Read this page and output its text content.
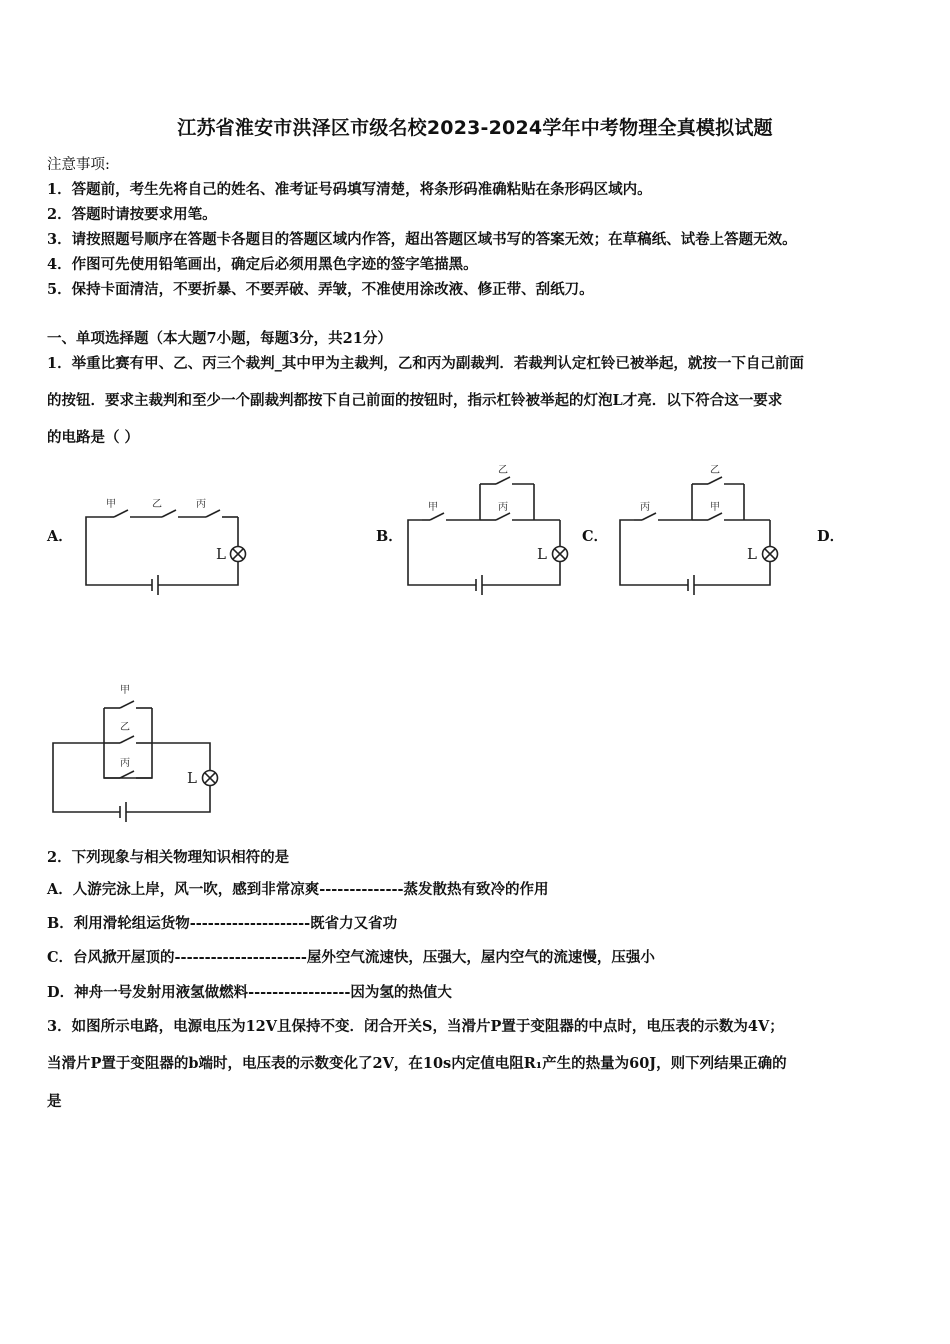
江苏省淮安市洪泽区市级名校2023-2024学年中考物理全真模拟试题
注意事项:
1．答题前，考生先将自己的姓名、准考证号码填写清楚，将条形码准确粘贴在条形码区域内。
2．答题时请按要求用笔。
3．请按照题号顺序在答题卡各题目的答题区域内作答，超出答题区域书写的答案无效；在草稿纸、试卷上答题无效。
4．作图可先使用铅笔画出，确定后必须用黑色字迹的签字笔描黑。
5．保持卡面清洁，不要折暴、不要弄破、弄皱，不准使用涂改液、修正带、刮纸刀。
一、单项选择题（本大题7小题，每题3分，共21分）
1．举重比赛有甲、乙、丙三个裁判_其中甲为主裁判，乙和丙为副裁判．若裁判认定杠铃已被举起，就按一下自己前面
的按钮．要求主裁判和至少一个副裁判都按下自己前面的按钮时，指示杠铃被举起的灯泡L才亮．以下符合这一要求
的电路是（ ）
A．	B．	C．	D．
甲	乙	丙
L
甲
乙
丙
L
丙
乙
甲
L
甲
乙
丙
L
2．下列现象与相关物理知识相符的是
A．人游完泳上岸，风一吹，感到非常凉爽--------------蒸发散热有致冷的作用
B．利用滑轮组运货物--------------------既省力又省功
C．台风掀开屋顶的----------------------屋外空气流速快，压强大，屋内空气的流速慢，压强小
D．神舟一号发射用液氢做燃料-----------------因为氢的热值大
3．如图所示电路，电源电压为12V且保持不变．闭合开关S，当滑片P置于变阻器的中点时，电压表的示数为4V；
当滑片P置于变阻器的b端时，电压表的示数变化了2V，在10s内定值电阻R₁产生的热量为60J，则下列结果正确的
是
